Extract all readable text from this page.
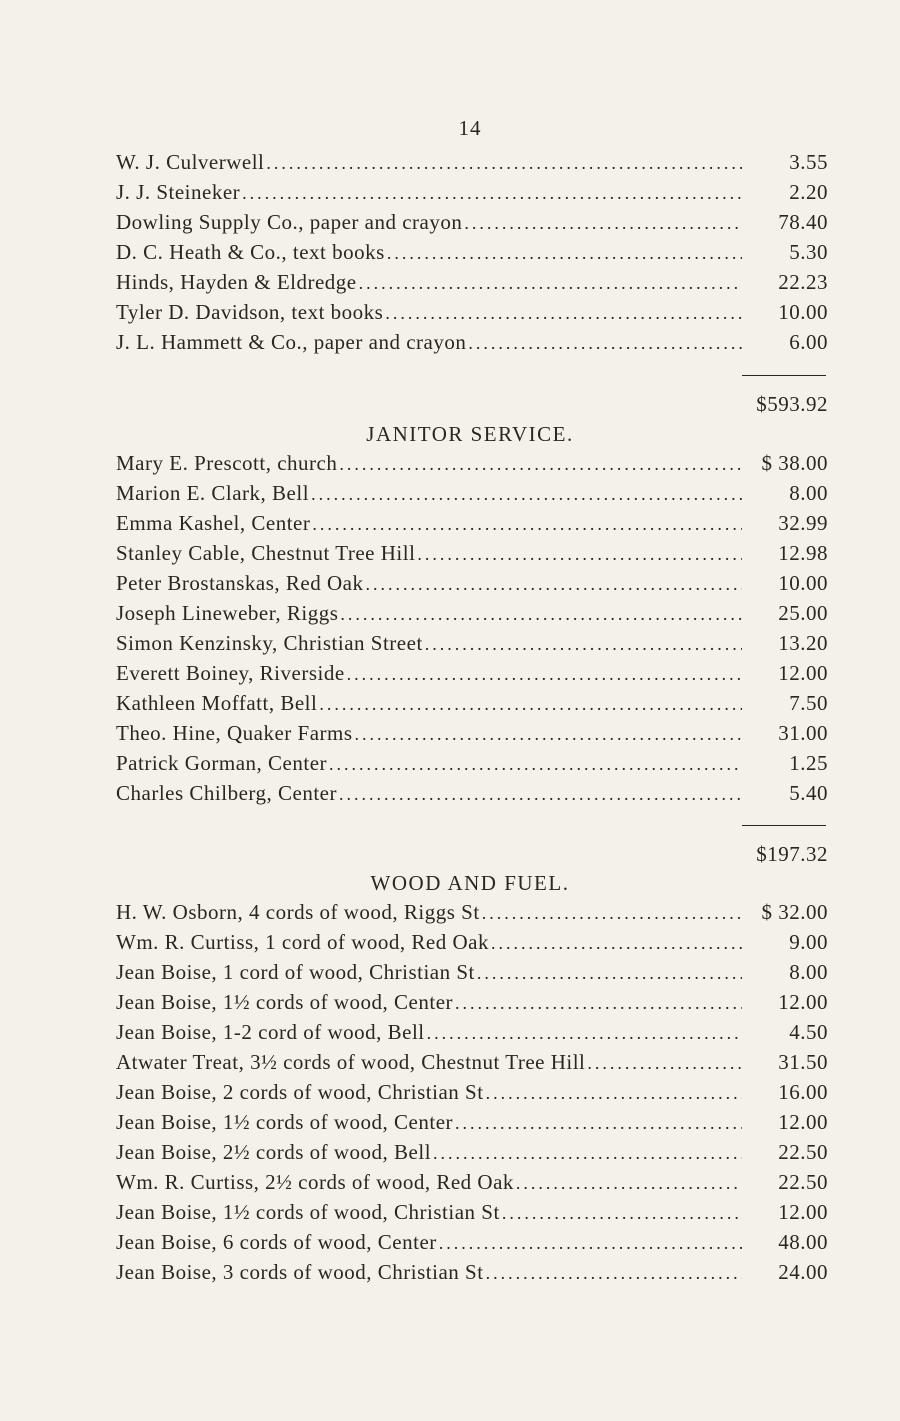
14
W. J. Culverwell .....	3.55
J. J. Steineker .....	2.20
Dowling Supply Co., paper and crayon .....	78.40
D. C. Heath & Co., text books .....	5.30
Hinds, Hayden & Eldredge .....	22.23
Tyler D. Davidson, text books .....	10.00
J. L. Hammett & Co., paper and crayon .....	6.00
$593.92
JANITOR SERVICE.
Mary E. Prescott, church .....	$ 38.00
Marion E. Clark, Bell .....	8.00
Emma Kashel, Center .....	32.99
Stanley Cable, Chestnut Tree Hill .....	12.98
Peter Brostanskas, Red Oak .....	10.00
Joseph Lineweber, Riggs .....	25.00
Simon Kenzinsky, Christian Street .....	13.20
Everett Boiney, Riverside .....	12.00
Kathleen Moffatt, Bell .....	7.50
Theo. Hine, Quaker Farms .....	31.00
Patrick Gorman, Center .....	1.25
Charles Chilberg, Center .....	5.40
$197.32
WOOD AND FUEL.
H. W. Osborn, 4 cords of wood, Riggs St .....	$ 32.00
Wm. R. Curtiss, 1 cord of wood, Red Oak .....	9.00
Jean Boise, 1 cord of wood, Christian St .....	8.00
Jean Boise, 1½ cords of wood, Center .....	12.00
Jean Boise, 1-2 cord of wood, Bell .....	4.50
Atwater Treat, 3½ cords of wood, Chestnut Tree Hill .....	31.50
Jean Boise, 2 cords of wood, Christian St .....	16.00
Jean Boise, 1½ cords of wood, Center .....	12.00
Jean Boise, 2½ cords of wood, Bell .....	22.50
Wm. R. Curtiss, 2½ cords of wood, Red Oak .....	22.50
Jean Boise, 1½ cords of wood, Christian St .....	12.00
Jean Boise, 6 cords of wood, Center .....	48.00
Jean Boise, 3 cords of wood, Christian St .....	24.00
